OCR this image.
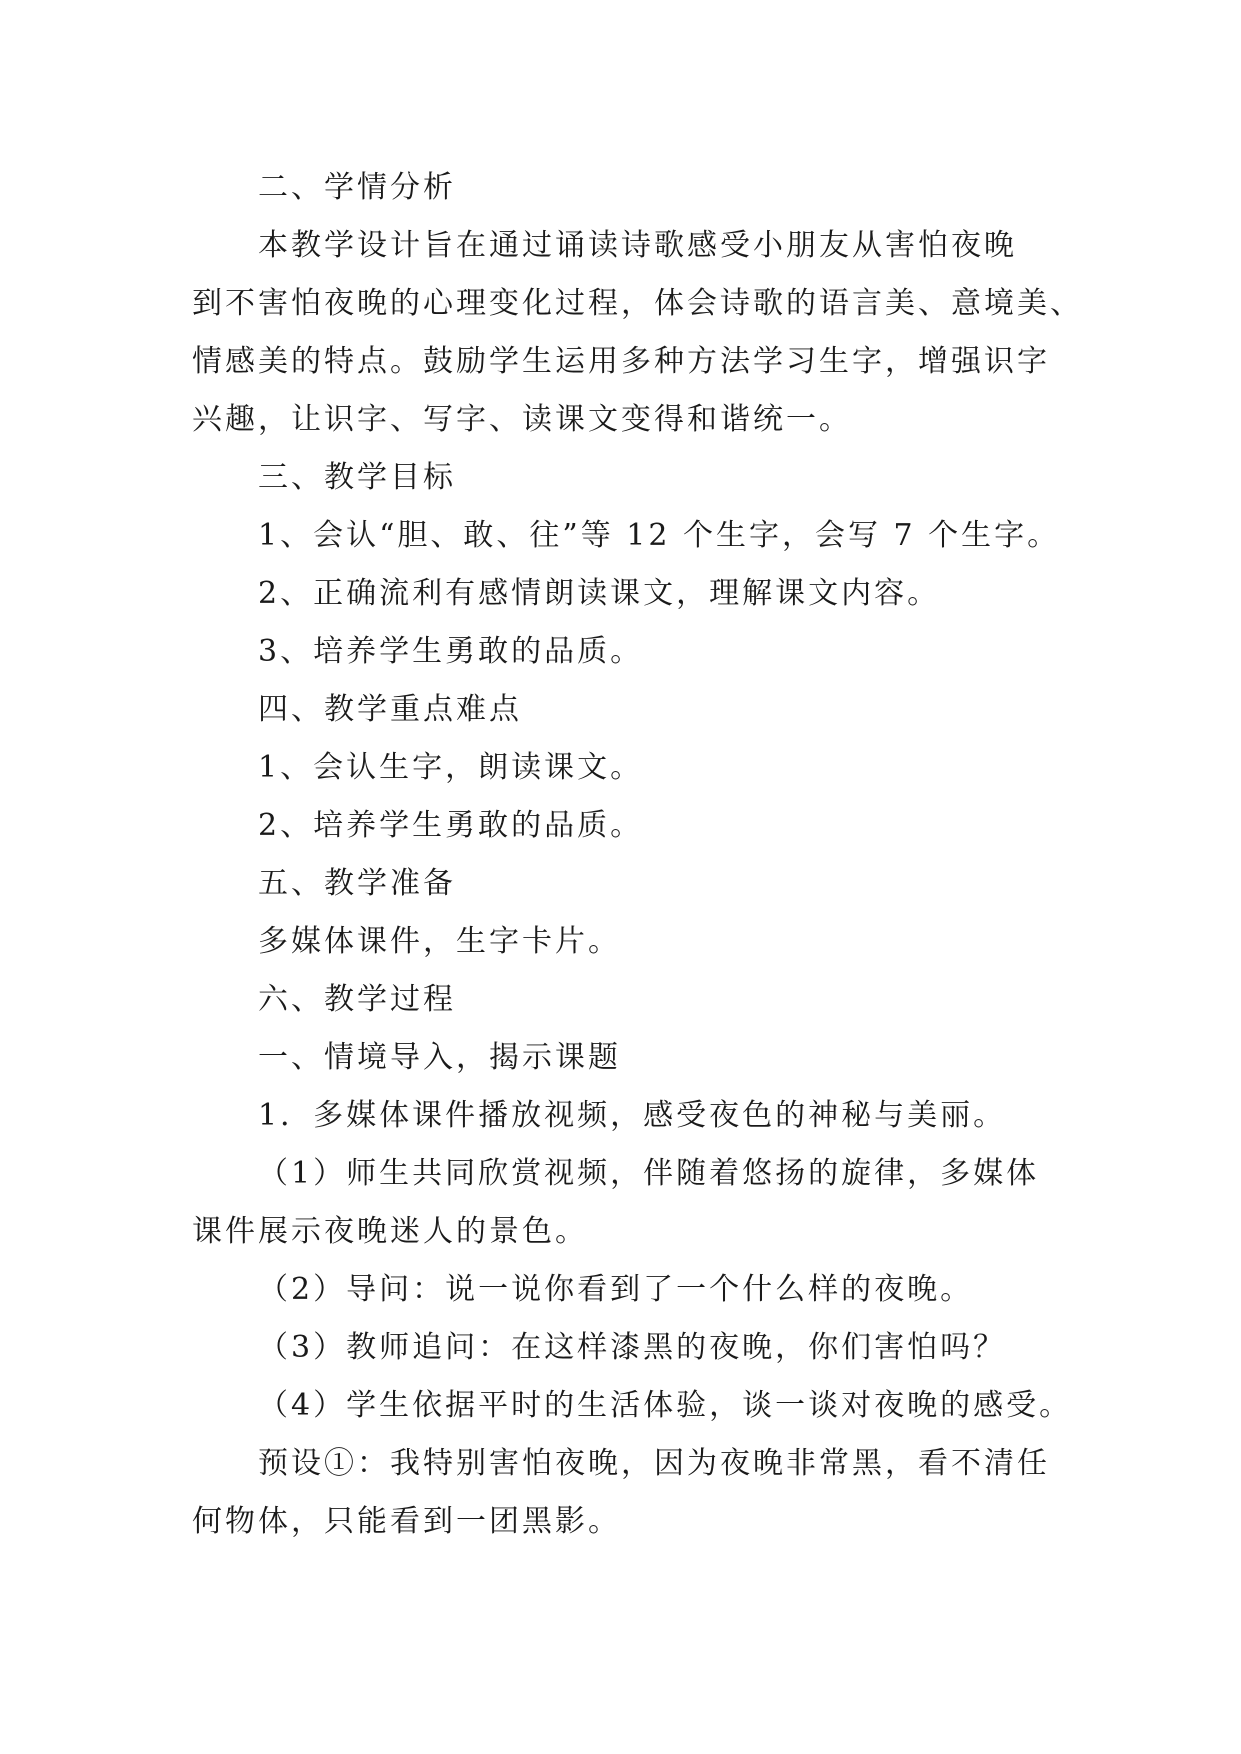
二、学情分析

本教学设计旨在通过诵读诗歌感受小朋友从害怕夜晚

到不害怕夜晚的心理变化过程，体会诗歌的语言美、意境美、

情感美的特点。鼓励学生运用多种方法学习生字，增强识字

兴趣，让识字、写字、读课文变得和谐统一。

三、教学目标

1、会认“胆、敢、往”等 12 个生字，会写 7 个生字。

2、正确流利有感情朗读课文，理解课文内容。

3、培养学生勇敢的品质。

四、教学重点难点

1、会认生字，朗读课文。

2、培养学生勇敢的品质。

五、教学准备

多媒体课件，生字卡片。

六、教学过程

一、情境导入，揭示课题

1．多媒体课件播放视频，感受夜色的神秘与美丽。

（1）师生共同欣赏视频，伴随着悠扬的旋律，多媒体

课件展示夜晚迷人的景色。

（2）导问：说一说你看到了一个什么样的夜晚。

（3）教师追问：在这样漆黑的夜晚，你们害怕吗？

（4）学生依据平时的生活体验，谈一谈对夜晚的感受。

预设①：我特别害怕夜晚，因为夜晚非常黑，看不清任

何物体，只能看到一团黑影。
